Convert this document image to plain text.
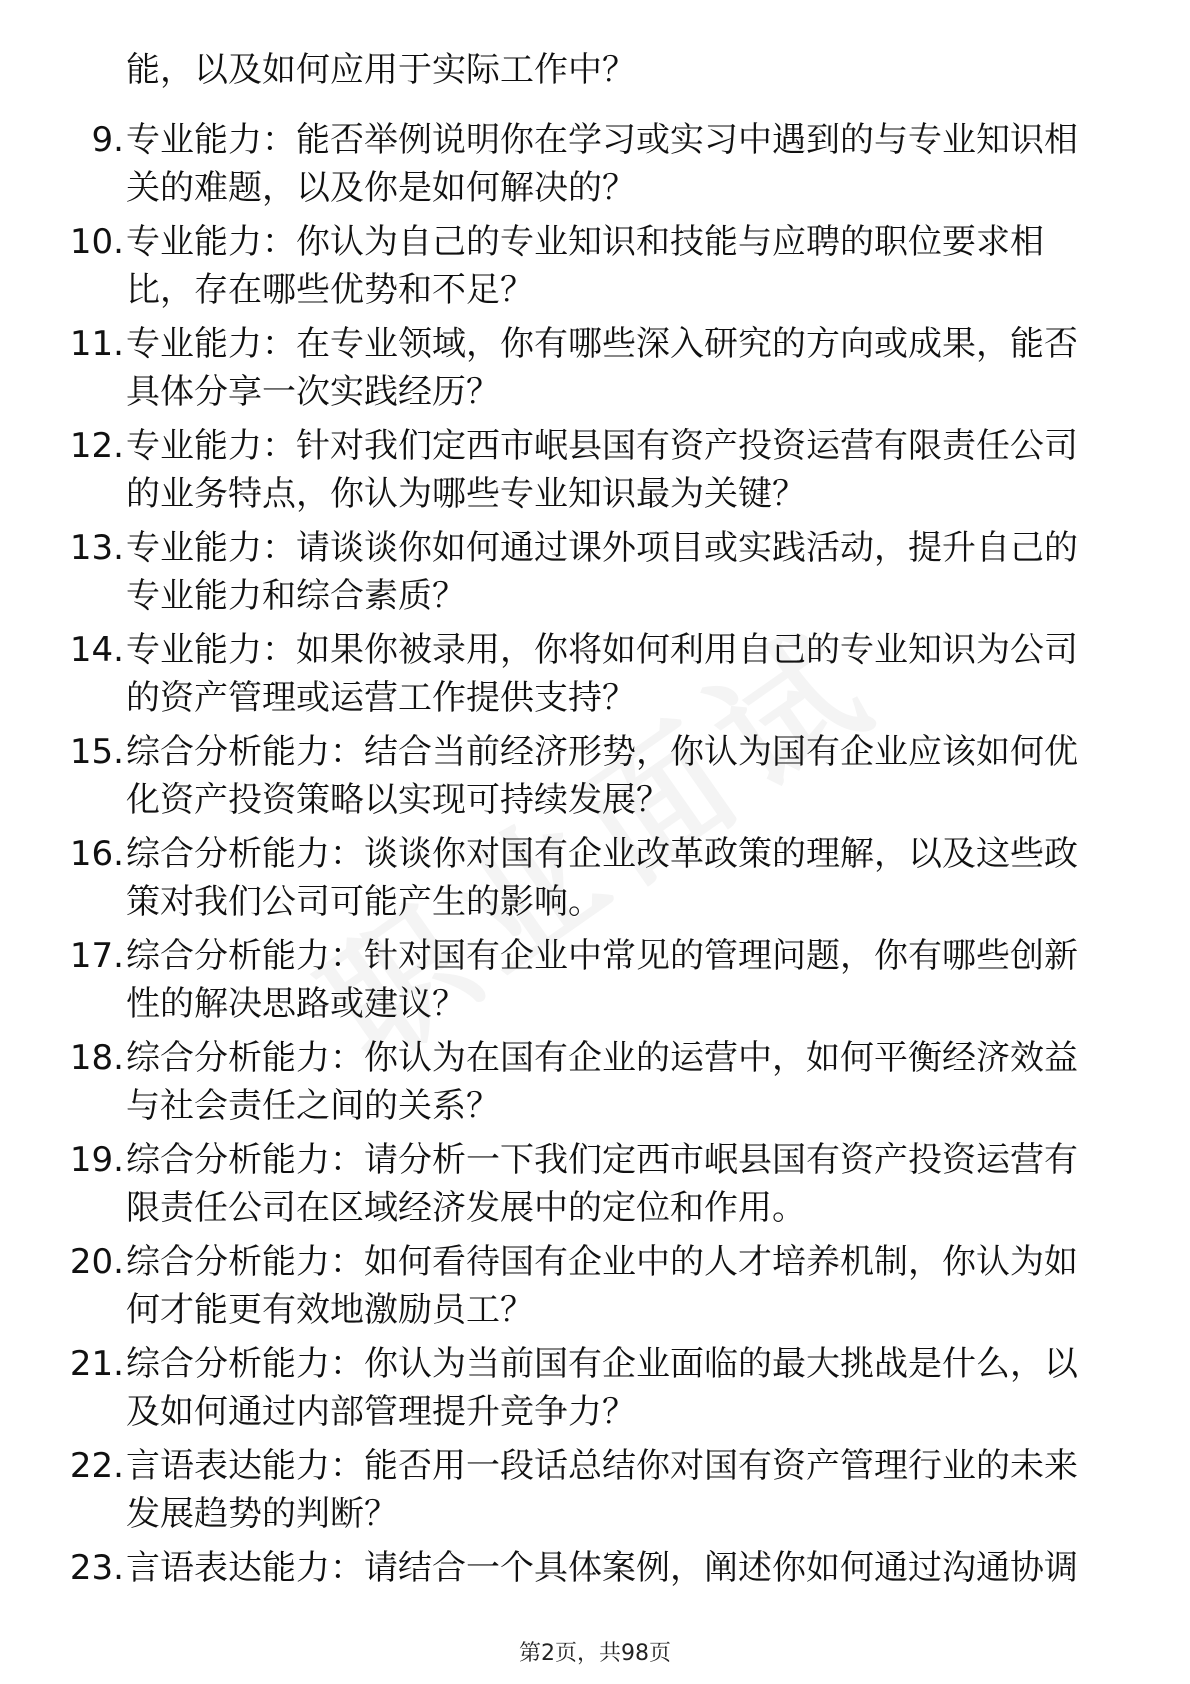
能，以及如何应用于实际工作中？
9. 专业能力：能否举例说明你在学习或实习中遇到的与专业知识相
关的难题，以及你是如何解决的？
10. 专业能力：你认为自己的专业知识和技能与应聘的职位要求相
比，存在哪些优势和不足？
11. 专业能力：在专业领域，你有哪些深入研究的方向或成果，能否
具体分享一次实践经历？
12. 专业能力：针对我们定西市岷县国有资产投资运营有限责任公司
的业务特点，你认为哪些专业知识最为关键？
13. 专业能力：请谈谈你如何通过课外项目或实践活动，提升自己的
专业能力和综合素质？
14. 专业能力：如果你被录用，你将如何利用自己的专业知识为公司
的资产管理或运营工作提供支持？
15. 综合分析能力：结合当前经济形势，你认为国有企业应该如何优
化资产投资策略以实现可持续发展？
16. 综合分析能力：谈谈你对国有企业改革政策的理解，以及这些政
策对我们公司可能产生的影响。
17. 综合分析能力：针对国有企业中常见的管理问题，你有哪些创新
性的解决思路或建议？
18. 综合分析能力：你认为在国有企业的运营中，如何平衡经济效益
与社会责任之间的关系？
19. 综合分析能力：请分析一下我们定西市岷县国有资产投资运营有
限责任公司在区域经济发展中的定位和作用。
20. 综合分析能力：如何看待国有企业中的人才培养机制，你认为如
何才能更有效地激励员工？
21. 综合分析能力：你认为当前国有企业面临的最大挑战是什么，以
及如何通过内部管理提升竞争力？
22. 言语表达能力：能否用一段话总结你对国有资产管理行业的未来
发展趋势的判断？
23. 言语表达能力：请结合一个具体案例，阐述你如何通过沟通协调
第2页，共98页
